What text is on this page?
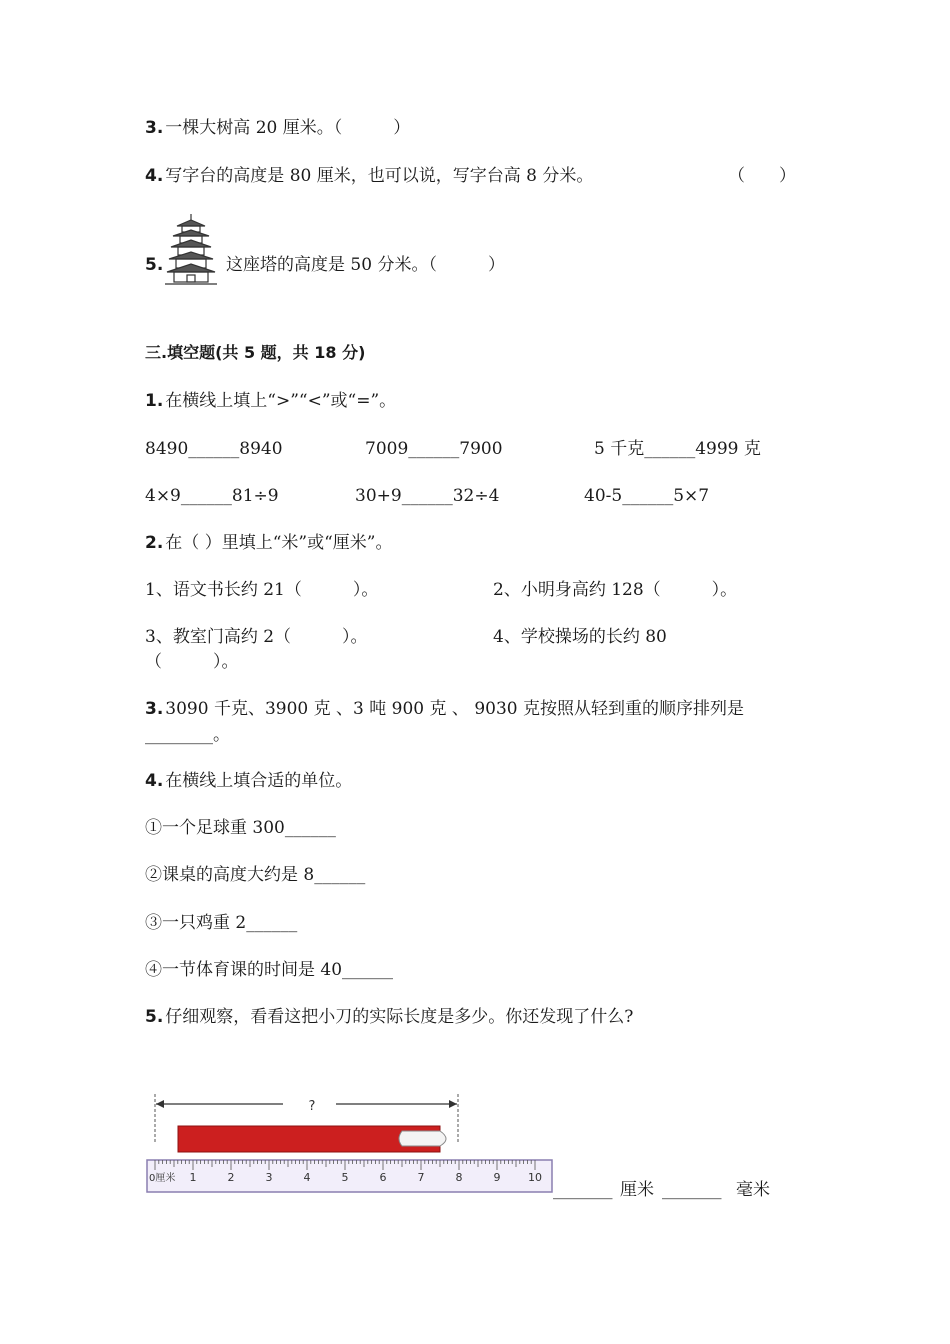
3. 一棵大树高 20 厘米。（　　　）
4. 写字台的高度是 80 厘米，也可以说，写字台高 8 分米。	（　　）
5.	这座塔的高度是 50 分米。（　　　）
三.填空题(共 5 题，共 18 分)
1. 在横线上填上“>”“<”或“=”。
8490______8940	7009______7900	5 千克______4999 克
4×9______81÷9	30+9______32÷4	40-5______5×7
2. 在（ ）里填上“米”或“厘米”。
1、语文书长约 21（　　　）。	2、小明身高约 128（　　　）。
3、教室门高约 2（　　　）。	4、学校操场的长约 80
（　　　）。
3. 3090 千克、3900 克 、3 吨 900 克 、 9030 克按照从轻到重的顺序排列是
________。
4. 在横线上填合适的单位。
①一个足球重 300______
②课桌的高度大约是 8______
③一只鸡重 2______
④一节体育课的时间是 40______
5. 仔细观察，看看这把小刀的实际长度是多少。你还发现了什么?
?
1	2	3	4	5	6	7	8	9	10
0厘米
_______ 厘米 _______ 毫米
